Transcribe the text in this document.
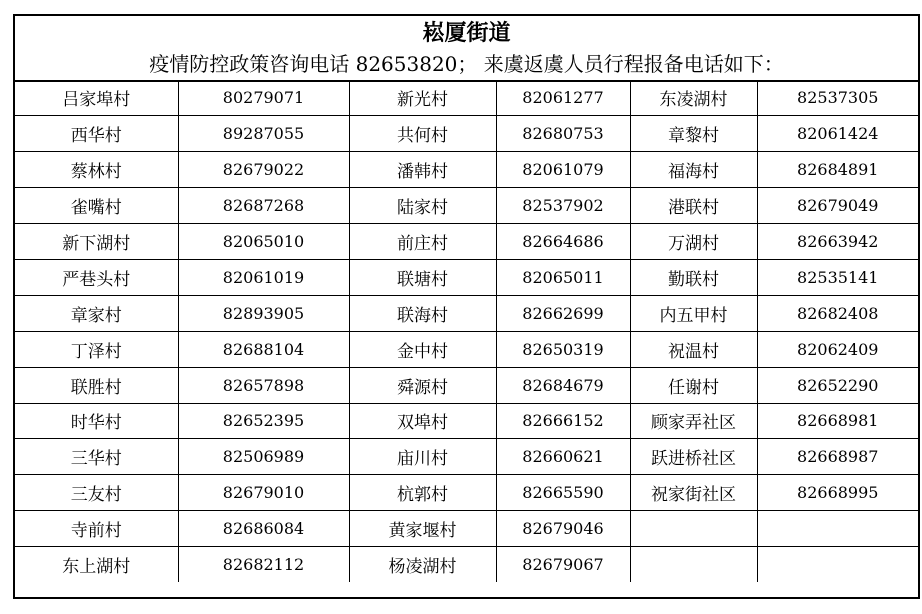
崧厦街道
疫情防控政策咨询电话 82653820； 来虞返虞人员行程报备电话如下：
吕家埠村	80279071	新光村	82061277	东凌湖村	82537305
西华村	89287055	共何村	82680753	章黎村	82061424
蔡林村	82679022	潘韩村	82061079	福海村	82684891
雀嘴村	82687268	陆家村	82537902	港联村	82679049
新下湖村	82065010	前庄村	82664686	万湖村	82663942
严巷头村	82061019	联塘村	82065011	勤联村	82535141
章家村	82893905	联海村	82662699	内五甲村	82682408
丁泽村	82688104	金中村	82650319	祝温村	82062409
联胜村	82657898	舜源村	82684679	任谢村	82652290
时华村	82652395	双埠村	82666152	顾家弄社区	82668981
三华村	82506989	庙川村	82660621	跃进桥社区	82668987
三友村	82679010	杭郭村	82665590	祝家街社区	82668995
寺前村	82686084	黄家堰村	82679046		
东上湖村	82682112	杨凌湖村	82679067		
